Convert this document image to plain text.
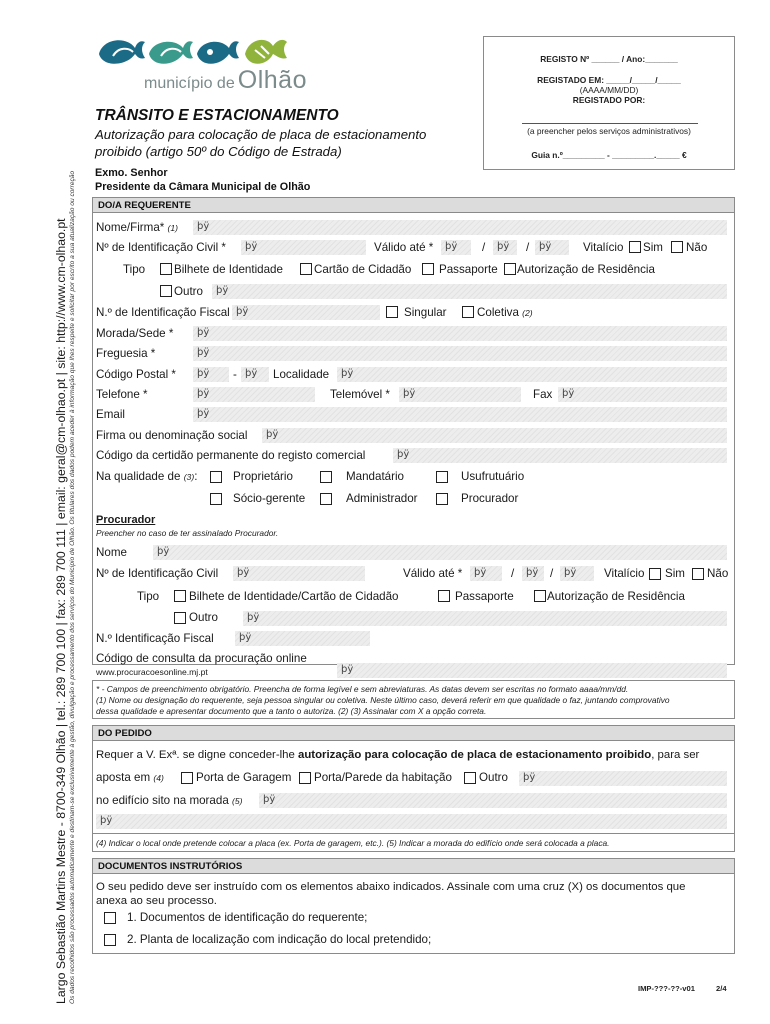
Largo Sebastião Martins Mestre - 8700-349 Olhão | tel.: 289 700 100 | fax: 289 700 111 | email: geral@cm-olhao.pt | site: http://www.cm-olhao.pt Os dados recolhidos são processados automaticamente e destinam-se exclusivamente à gestão, divulgação e processamento dos serviços do Município de Olhão. Os titulares dos dados podem aceder à informação que lhes respeite e solicitar por escrito a sua atualização ou correção
município de Olhão
REGISTO Nº ______ / Ano:_______
REGISTADO EM: _____/_____/_____
(AAAA/MM/DD)
REGISTADO POR:
(a preencher pelos serviços administrativos)
Guia n.º_________ - _________._____ €
TRÂNSITO E ESTACIONAMENTO
Autorização para colocação de placa de estacionamento proibido (artigo 50º do Código de Estrada)
Exmo. Senhor
Presidente da Câmara Municipal de Olhão
DO/A REQUERENTE
Nome/Firma* (1)	þÿ
Nº de Identificação Civil *	þÿ	Válido até *	þÿ	/	þÿ	/ þÿ	Vitalício Sim Não
Tipo Bilhete de Identidade	Cartão de Cidadão Passaporte Autorização de Residência
Outro	þÿ
N.º de Identificação Fiscal þÿ	Singular	Coletiva (2)
Morada/Sede *	þÿ
Freguesia *	þÿ
Código Postal *	þÿ	- þÿ	Localidade	þÿ
Telefone *	þÿ	Telemóvel *	þÿ	Fax þÿ
Email	þÿ
Firma ou denominação social	þÿ
Código da certidão permanente do registo comercial	þÿ
Na qualidade de (3):	Proprietário	Mandatário	Usufrutuário
Sócio-gerente	Administrador	Procurador
Procurador
Preencher no caso de ter assinalado Procurador.
Nome	þÿ
Nº de Identificação Civil	þÿ	Válido até *	þÿ	/	þÿ	/	þÿ	Vitalício Sim Não
Tipo	Bilhete de Identidade/Cartão de Cidadão	Passaporte	Autorização de Residência
Outro	þÿ
N.º Identificação Fiscal	þÿ
Código de consulta da procuração online
www.procuracoesonline.mj.pt	þÿ
* - Campos de preenchimento obrigatório. Preencha de forma legível e sem abreviaturas. As datas devem ser escritas no formato aaaa/mm/dd.
(1) Nome ou designação do requerente, seja pessoa singular ou coletiva. Neste último caso, deverá referir em que qualidade o faz, juntando comprovativo
dessa qualidade e apresentar documento que a tanto o autoriza. (2) (3) Assinalar com X a opção correta.
DO PEDIDO
Requer a V. Exª. se digne conceder-lhe autorização para colocação de placa de estacionamento proibido, para ser
aposta em (4)	Porta de Garagem Porta/Parede da habitação Outro	þÿ
no edifício sito na morada (5)	þÿ
þÿ
(4) Indicar o local onde pretende colocar a placa (ex. Porta de garagem, etc.). (5) Indicar a morada do edifício onde será colocada a placa.
DOCUMENTOS INSTRUTÓRIOS
O seu pedido deve ser instruído com os elementos abaixo indicados. Assinale com uma cruz (X) os documentos que
anexa ao seu processo.
1. Documentos de identificação do requerente;
2. Planta de localização com indicação do local pretendido;
IMP-???-??-v01	2/4
